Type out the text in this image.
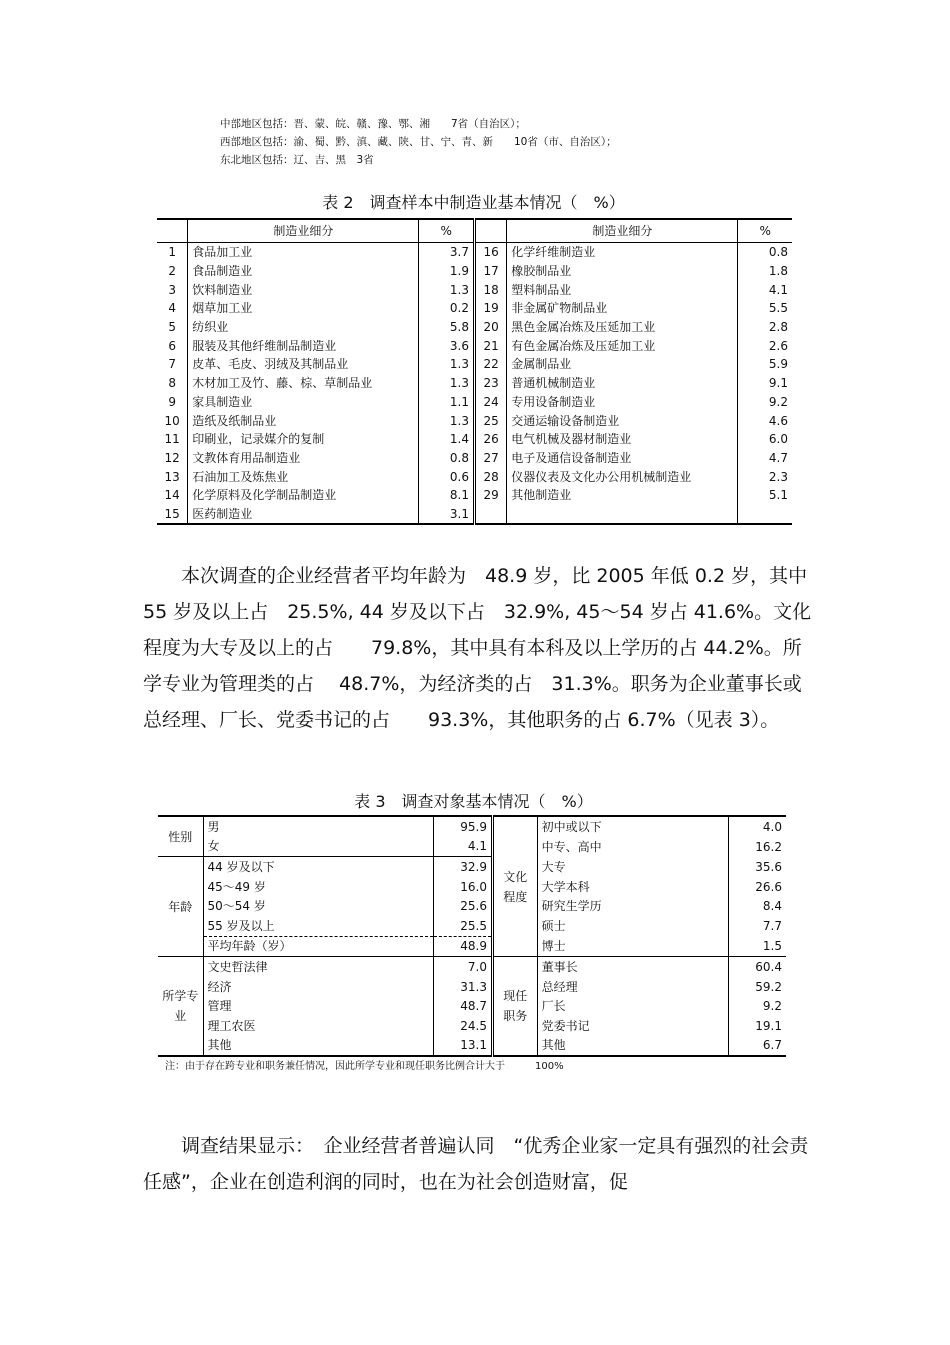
中部地区包括：晋、蒙、皖、赣、豫、鄂、湘　　7省（自治区）；
西部地区包括：渝、蜀、黔、滇、藏、陕、甘、宁、青、新　　10省（市、自治区）；
东北地区包括：辽、吉、黑　3省
表 2　调查样本中制造业基本情况（　%）
	制造业细分	%		制造业细分	%
1	食品加工业	3.7	16	化学纤维制造业	0.8
2	食品制造业	1.9	17	橡胶制品业	1.8
3	饮料制造业	1.3	18	塑料制品业	4.1
4	烟草加工业	0.2	19	非金属矿物制品业	5.5
5	纺织业	5.8	20	黑色金属冶炼及压延加工业	2.8
6	服装及其他纤维制品制造业	3.6	21	有色金属冶炼及压延加工业	2.6
7	皮革、毛皮、羽绒及其制品业	1.3	22	金属制品业	5.9
8	木材加工及竹、藤、棕、草制品业	1.3	23	普通机械制造业	9.1
9	家具制造业	1.1	24	专用设备制造业	9.2
10	造纸及纸制品业	1.3	25	交通运输设备制造业	4.6
11	印刷业，记录媒介的复制	1.4	26	电气机械及器材制造业	6.0
12	文教体育用品制造业	0.8	27	电子及通信设备制造业	4.7
13	石油加工及炼焦业	0.6	28	仪器仪表及文化办公用机械制造业	2.3
14	化学原料及化学制品制造业	8.1	29	其他制造业	5.1
15	医药制造业	3.1			
本次调查的企业经营者平均年龄为　48.9 岁，比 2005 年低 0.2 岁，其中 55 岁及以上占　25.5%, 44 岁及以下占　32.9%, 45～54 岁占 41.6%。文化程度为大专及以上的占　　79.8%，其中具有本科及以上学历的占 44.2%。所学专业为管理类的占　 48.7%，为经济类的占　31.3%。职务为企业董事长或总经理、厂长、党委书记的占　　93.3%，其他职务的占 6.7%（见表 3）。
表 3　调查对象基本情况（　%）
性别	男	95.9	文化程度	初中或以下	4.0
	女	4.1		中专、高中	16.2
年龄	44 岁及以下	32.9		大专	35.6
	45～49 岁	16.0		大学本科	26.6
	50～54 岁	25.6		研究生学历	8.4
	55 岁及以上	25.5		硕士	7.7
	平均年龄（岁）	48.9		博士	1.5
所学专业	文史哲法律	7.0	现任职务	董事长	60.4
	经济	31.3		总经理	59.2
	管理	48.7		厂长	9.2
	理工农医	24.5		党委书记	19.1
	其他	13.1		其他	6.7
注：由于存在跨专业和职务兼任情况，因此所学专业和现任职务比例合计大于　　　100%
调查结果显示：　企业经营者普遍认同　“优秀企业家一定具有强烈的社会责任感”，企业在创造利润的同时，也在为社会创造财富，促
